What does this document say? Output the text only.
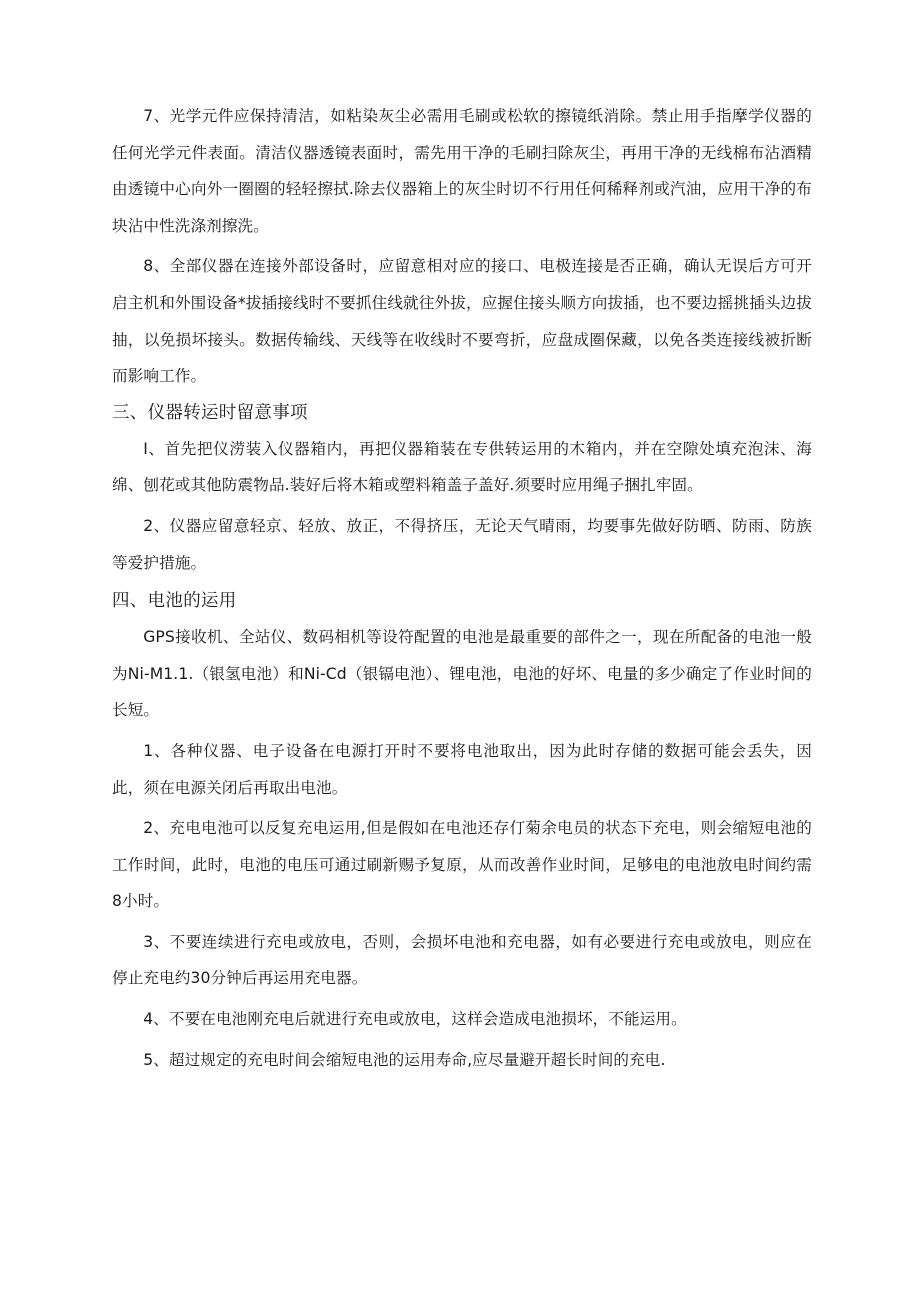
7、光学元件应保持清洁，如粘染灰尘必需用毛刷或松软的擦镜纸消除。禁止用手指摩学仪器的任何光学元件表面。清洁仪器透镜表面时，需先用干净的毛刷扫除灰尘，再用干净的无线棉布沾酒精由透镜中心向外一圈圈的轻轻擦拭.除去仪器箱上的灰尘时切不行用任何稀释剂或汽油，应用干净的布块沾中性洗涤剂擦洗。

8、全部仪器在连接外部设备时，应留意相对应的接口、电极连接是否正确，确认无误后方可开启主机和外围设备*拔插接线时不要抓住线就往外拔，应握住接头顺方向拔插，也不要边摇挑插头边拔抽，以免损坏接头。数据传输线、天线等在收线时不要弯折，应盘成圈保藏，以免各类连接线被折断而影响工作。

三、仪器转运时留意事项

I、首先把仪涝装入仪器箱内，再把仪器箱装在专供转运用的木箱内，并在空隙处填充泡沫、海绵、刨花或其他防震物品.装好后将木箱或塑料箱盖子盖好.须要时应用绳子捆扎牢固。

2、仪器应留意轻京、轻放、放正，不得挤压，无论天气晴雨，均要事先做好防晒、防雨、防族等爱护措施。

四、电池的运用

GPS接收机、全站仪、数码相机等设符配置的电池是最重要的部件之一，现在所配备的电池一般为Ni-M1.1.（银氢电池）和Ni-Cd（银镉电池）、锂电池，电池的好坏、电量的多少确定了作业时间的长短。

1、各种仪器、电子设备在电源打开时不要将电池取出，因为此时存储的数据可能会丢失，因此，须在电源关闭后再取出电池。

2、充电电池可以反复充电运用,但是假如在电池还存仃菊余电员的状态下充电，则会缩短电池的工作时间，此时，电池的电压可通过刷新赐予复原，从而改善作业时间，足够电的电池放电时间约需8小时。

3、不要连续进行充电或放电，否则，会损坏电池和充电器，如有必要进行充电或放电，则应在停止充电约30分钟后再运用充电器。

4、不要在电池刚充电后就进行充电或放电，这样会造成电池损坏，不能运用。

5、超过规定的充电时间会缩短电池的运用寿命,应尽量避开超长时间的充电.
